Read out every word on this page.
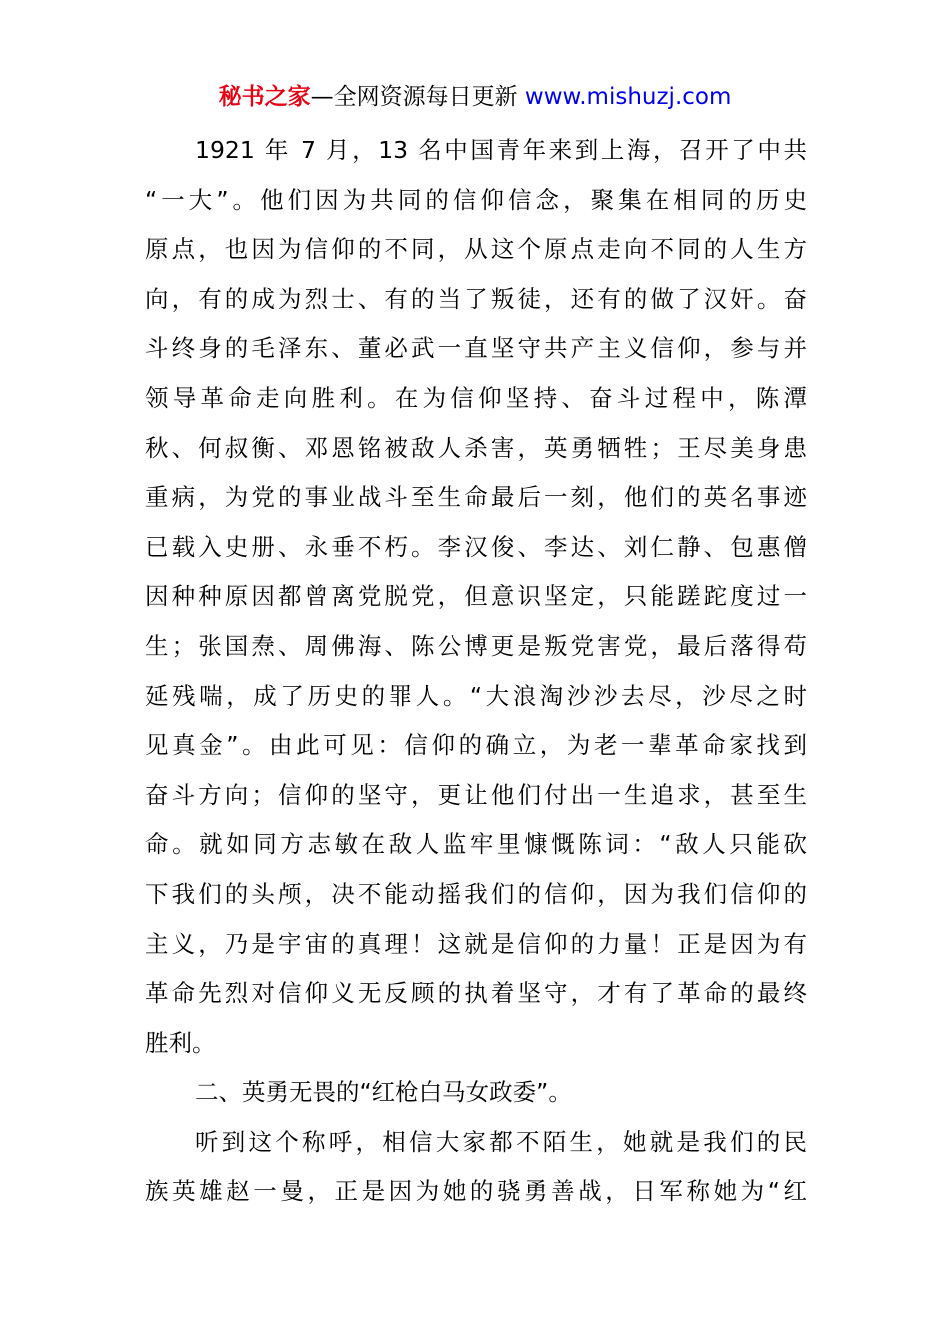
秘书之家—全网资源每日更新 www.mishuzj.com
1921 年 7 月，13 名中国青年来到上海，召开了中共
“一大”。他们因为共同的信仰信念，聚集在相同的历史
原点，也因为信仰的不同，从这个原点走向不同的人生方
向，有的成为烈士、有的当了叛徒，还有的做了汉奸。奋
斗终身的毛泽东、董必武一直坚守共产主义信仰，参与并
领导革命走向胜利。在为信仰坚持、奋斗过程中，陈潭
秋、何叔衡、邓恩铭被敌人杀害，英勇牺牲；王尽美身患
重病，为党的事业战斗至生命最后一刻，他们的英名事迹
已载入史册、永垂不朽。李汉俊、李达、刘仁静、包惠僧
因种种原因都曾离党脱党，但意识坚定，只能蹉跎度过一
生；张国焘、周佛海、陈公博更是叛党害党，最后落得苟
延残喘，成了历史的罪人。“大浪淘沙沙去尽，沙尽之时
见真金”。由此可见：信仰的确立，为老一辈革命家找到
奋斗方向；信仰的坚守，更让他们付出一生追求，甚至生
命。就如同方志敏在敌人监牢里慷慨陈词：“敌人只能砍
下我们的头颅，决不能动摇我们的信仰，因为我们信仰的
主义，乃是宇宙的真理！这就是信仰的力量！正是因为有
革命先烈对信仰义无反顾的执着坚守，才有了革命的最终
胜利。
二、英勇无畏的“红枪白马女政委”。
听到这个称呼，相信大家都不陌生，她就是我们的民
族英雄赵一曼，正是因为她的骁勇善战，日军称她为“红
